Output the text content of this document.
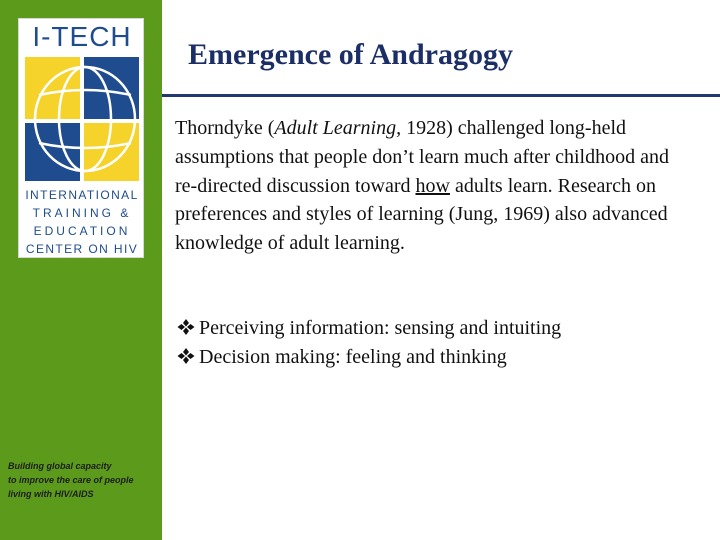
I-TECH
INTERNATIONAL
TRAINING &
EDUCATION
CENTER ON HIV
Building global capacity
to improve the care of people
living with HIV/AIDS
Emergence of Andragogy
Thorndyke (Adult Learning, 1928) challenged long-held assumptions that people don’t learn much after childhood and re-directed discussion toward how adults learn. Research on preferences and styles of learning (Jung, 1969) also advanced knowledge of adult learning.
Perceiving information: sensing and intuiting
Decision making: feeling and thinking
